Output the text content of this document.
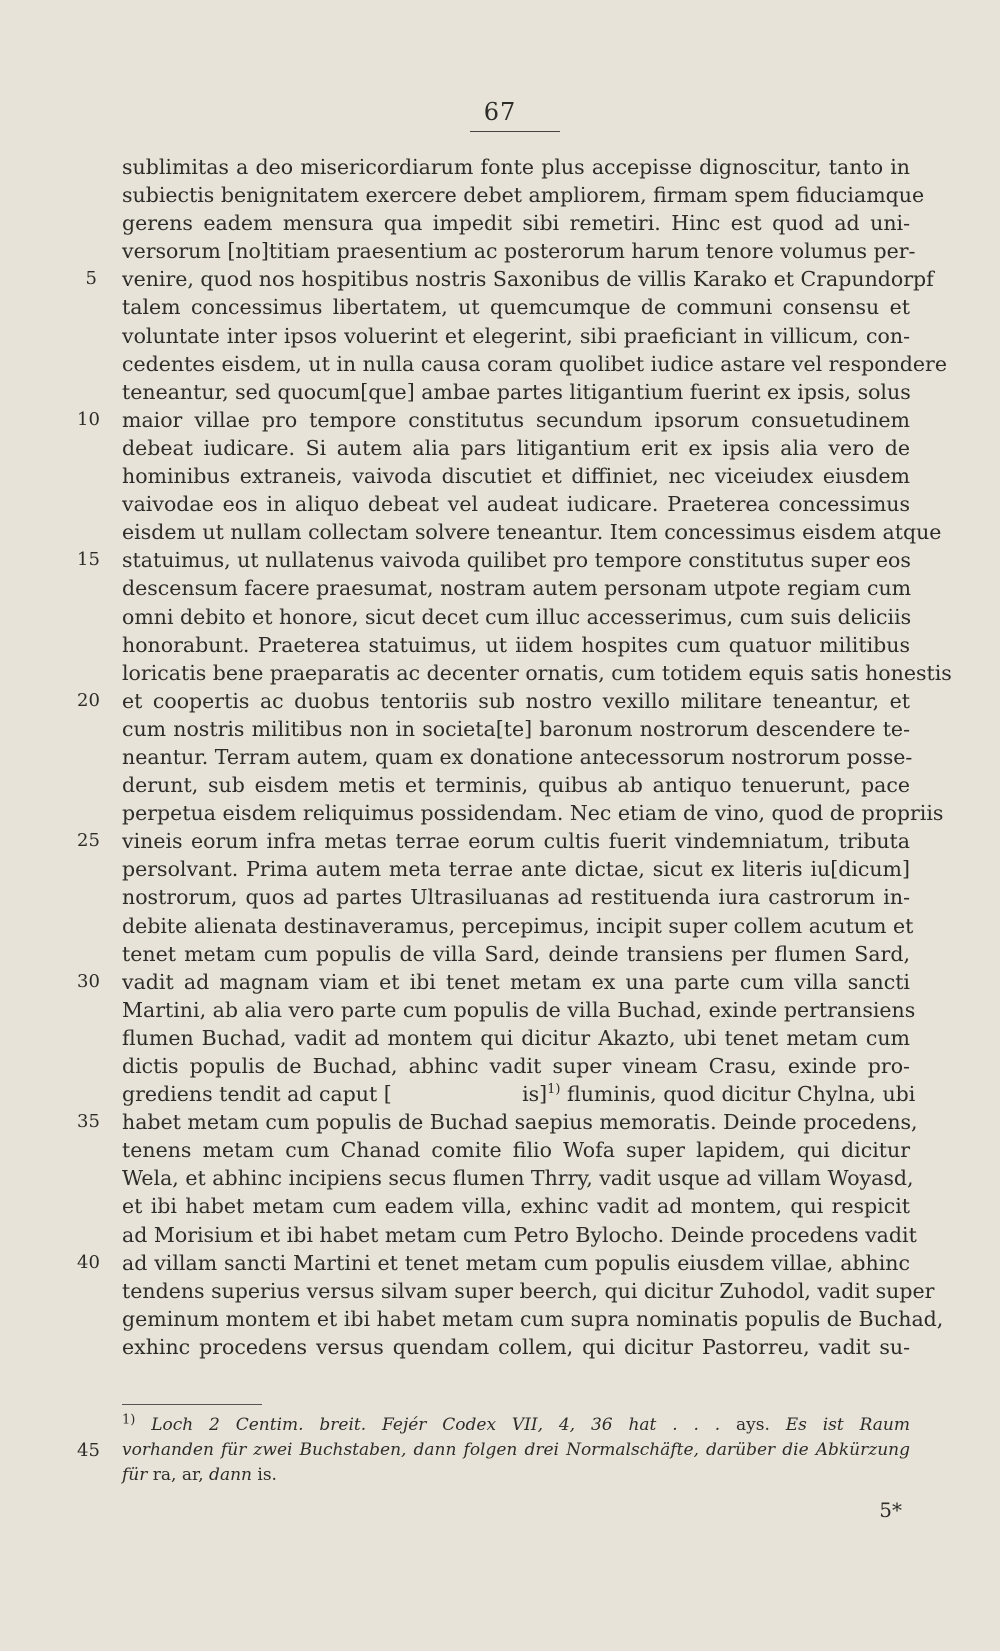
67
sublimitas a deo misericordiarum fonte plus accepisse dignoscitur, tanto in
subiectis benignitatem exercere debet ampliorem, firmam spem fiduciamque
gerens eadem mensura qua impedit sibi remetiri. Hinc est quod ad uni-
versorum [no]titiam praesentium ac posterorum harum tenore volumus per-
5 venire, quod nos hospitibus nostris Saxonibus de villis Karako et Crapundorpf
talem concessimus libertatem, ut quemcumque de communi consensu et
voluntate inter ipsos voluerint et elegerint, sibi praeficiant in villicum, con-
cedentes eisdem, ut in nulla causa coram quolibet iudice astare vel respondere
teneantur, sed quocum[que] ambae partes litigantium fuerint ex ipsis, solus
10 maior villae pro tempore constitutus secundum ipsorum consuetudinem
debeat iudicare. Si autem alia pars litigantium erit ex ipsis alia vero de
hominibus extraneis, vaivoda discutiet et diffiniet, nec viceiudex eiusdem
vaivodae eos in aliquo debeat vel audeat iudicare. Praeterea concessimus
eisdem ut nullam collectam solvere teneantur. Item concessimus eisdem atque
15 statuimus, ut nullatenus vaivoda quilibet pro tempore constitutus super eos
descensum facere praesumat, nostram autem personam utpote regiam cum
omni debito et honore, sicut decet cum illuc accesserimus, cum suis deliciis
honorabunt. Praeterea statuimus, ut iidem hospites cum quatuor militibus
loricatis bene praeparatis ac decenter ornatis, cum totidem equis satis honestis
20 et coopertis ac duobus tentoriis sub nostro vexillo militare teneantur, et
cum nostris militibus non in societa[te] baronum nostrorum descendere te-
neantur. Terram autem, quam ex donatione antecessorum nostrorum posse-
derunt, sub eisdem metis et terminis, quibus ab antiquo tenuerunt, pace
perpetua eisdem reliquimus possidendam. Nec etiam de vino, quod de propriis
25 vineis eorum infra metas terrae eorum cultis fuerit vindemniatum, tributa
persolvant. Prima autem meta terrae ante dictae, sicut ex literis iu[dicum]
nostrorum, quos ad partes Ultrasiluanas ad restituenda iura castrorum in-
debite alienata destinaveramus, percepimus, incipit super collem acutum et
tenet metam cum populis de villa Sard, deinde transiens per flumen Sard,
30 vadit ad magnam viam et ibi tenet metam ex una parte cum villa sancti
Martini, ab alia vero parte cum populis de villa Buchad, exinde pertransiens
flumen Buchad, vadit ad montem qui dicitur Akazto, ubi tenet metam cum
dictis populis de Buchad, abhinc vadit super vineam Crasu, exinde pro-
grediens tendit ad caput [                    is]$^{1)}$ fluminis, quod dicitur Chylna, ubi
35 habet metam cum populis de Buchad saepius memoratis. Deinde procedens,
tenens metam cum Chanad comite filio Wofa super lapidem, qui dicitur
Wela, et abhinc incipiens secus flumen Thrry, vadit usque ad villam Woyasd,
et ibi habet metam cum eadem villa, exhinc vadit ad montem, qui respicit
ad Morisium et ibi habet metam cum Petro Bylocho. Deinde procedens vadit
40 ad villam sancti Martini et tenet metam cum populis eiusdem villae, abhinc
tendens superius versus silvam super beerch, qui dicitur Zuhodol, vadit super
geminum montem et ibi habet metam cum supra nominatis populis de Buchad,
exhinc procedens versus quendam collem, qui dicitur Pastorreu, vadit su-
$^{1)}$ Loch 2 Centim. breit. Fejér Codex VII, 4, 36 hat . . . ays. Es ist Raum
45 vorhanden für zwei Buchstaben, dann folgen drei Normalschäfte, darüber die Abkürzung
für ra, ar, dann is.
5*
